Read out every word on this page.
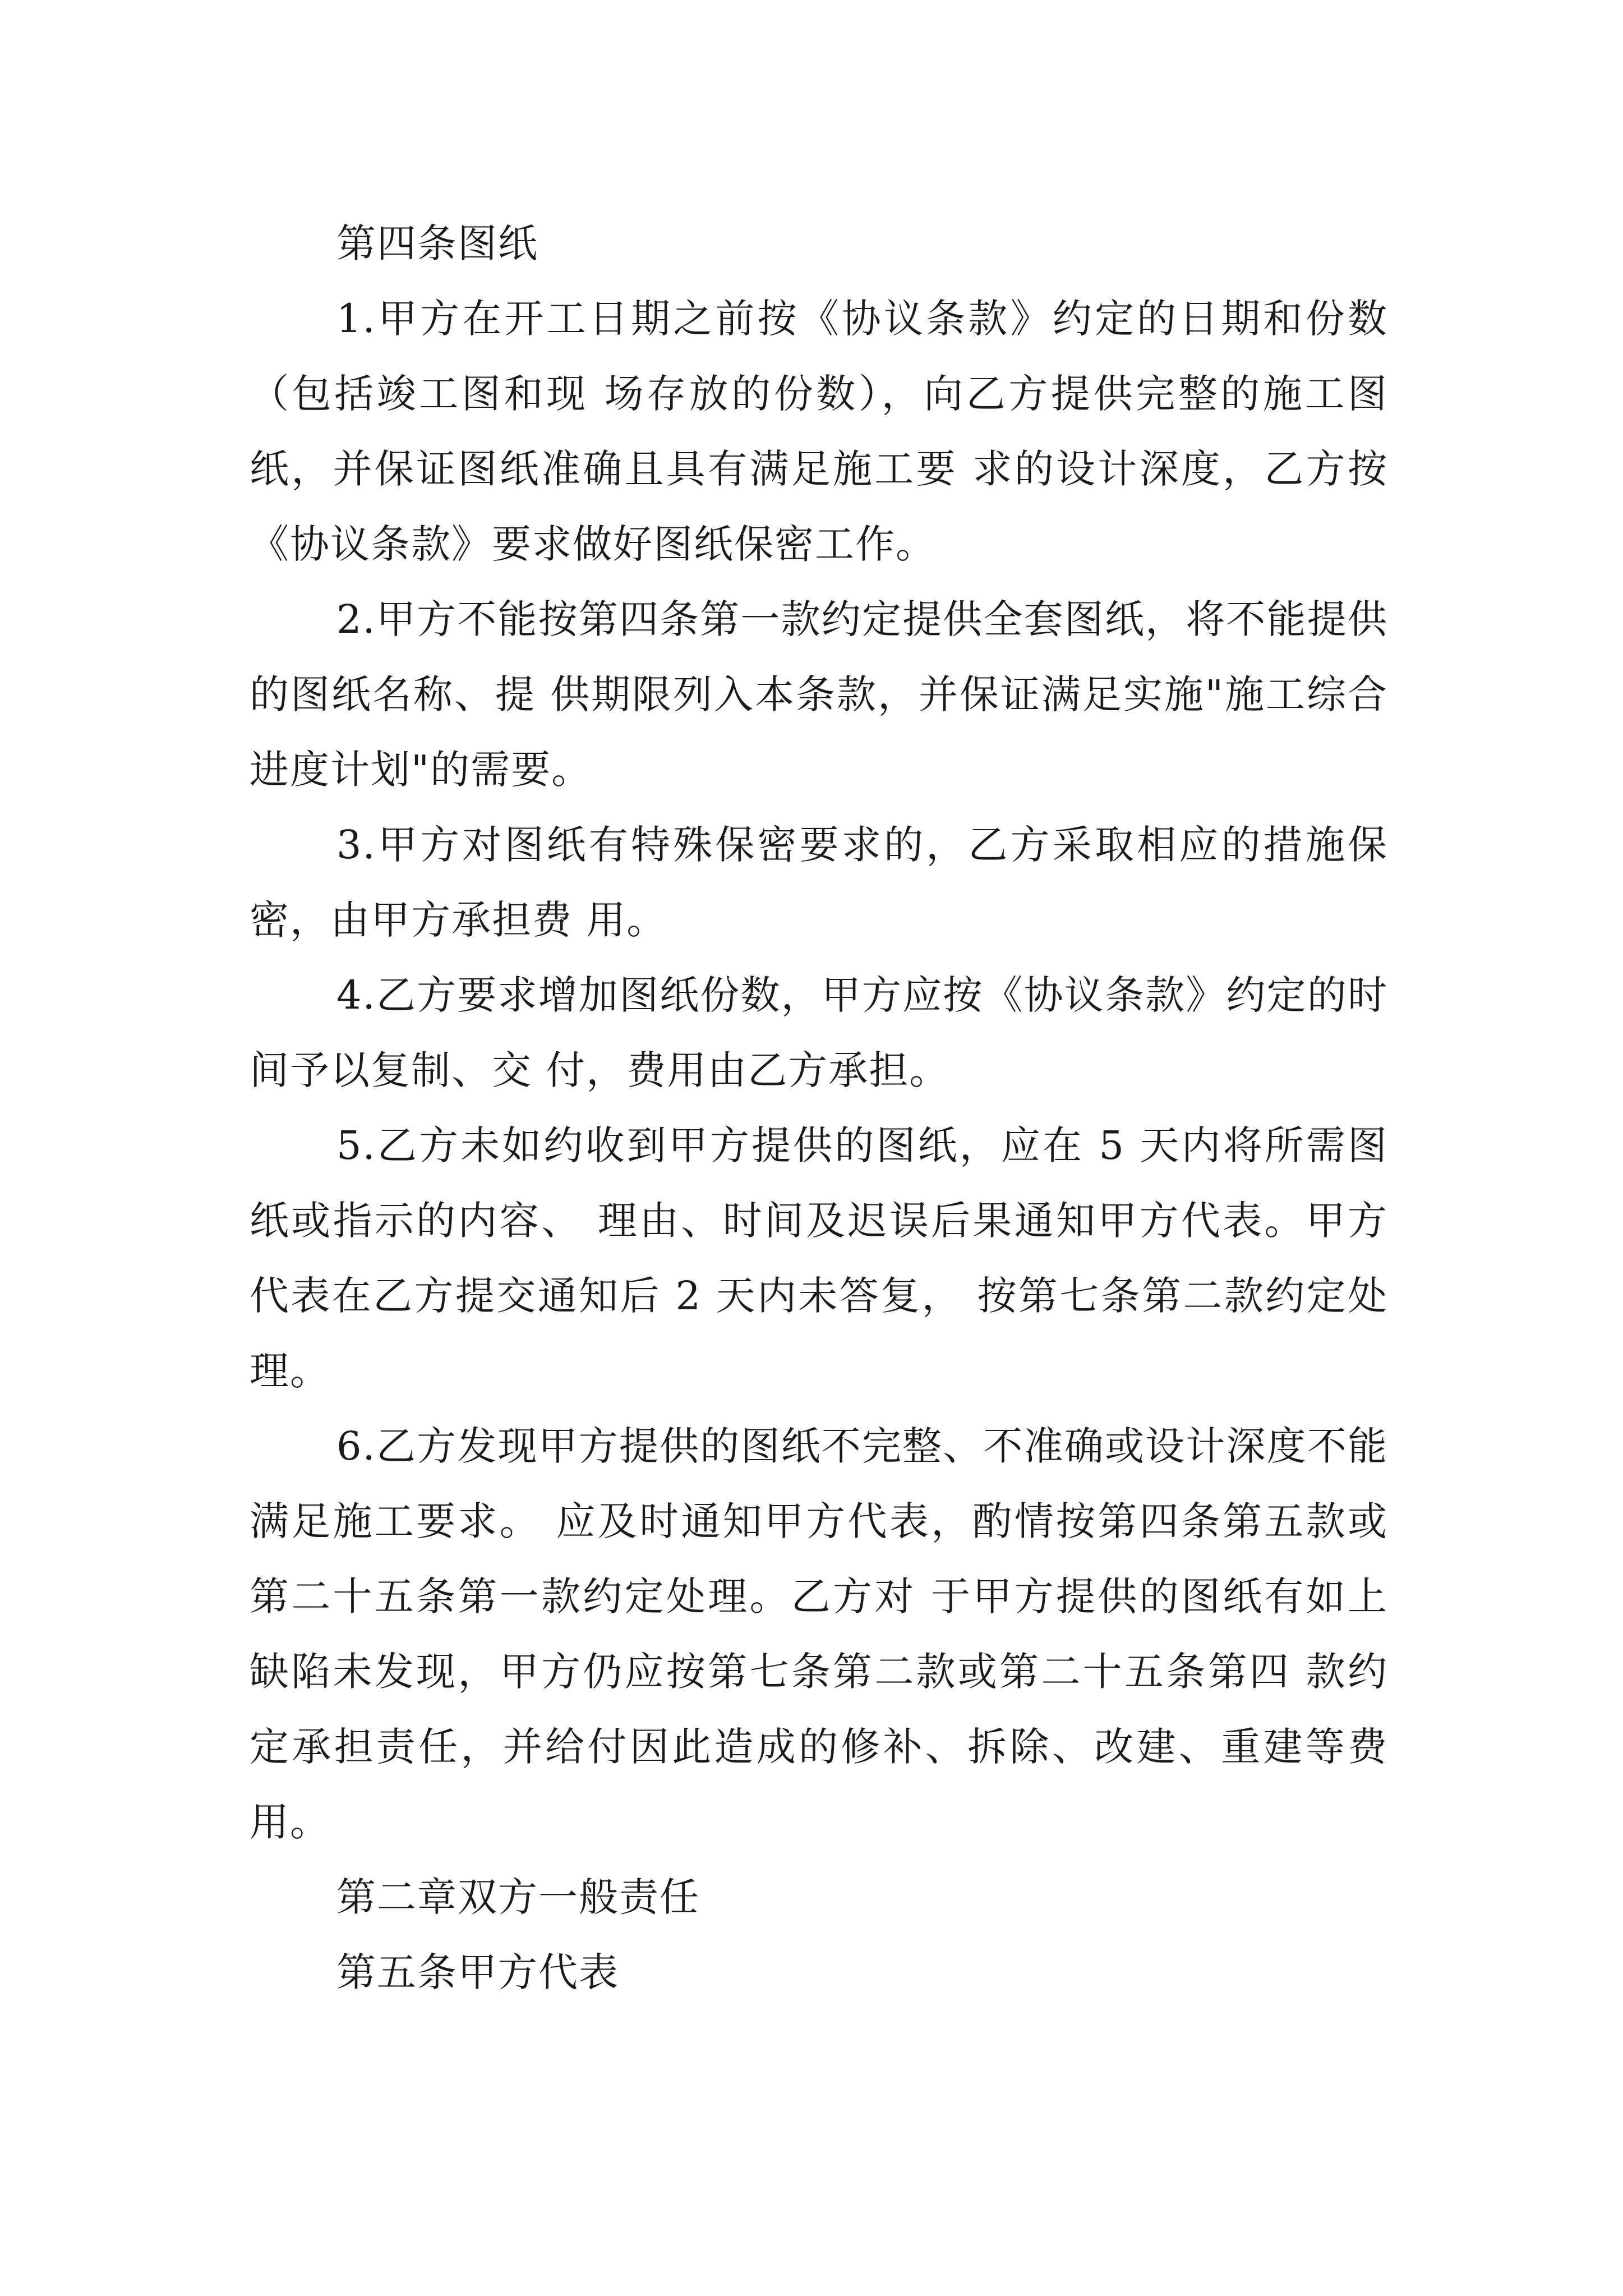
第四条图纸

1.甲方在开工日期之前按《协议条款》约定的日期和份数（包括竣工图和现 场存放的份数），向乙方提供完整的施工图纸，并保证图纸准确且具有满足施工要 求的设计深度，乙方按《协议条款》要求做好图纸保密工作。

2.甲方不能按第四条第一款约定提供全套图纸，将不能提供的图纸名称、提 供期限列入本条款，并保证满足实施"施工综合进度计划"的需要。

3.甲方对图纸有特殊保密要求的，乙方采取相应的措施保密，由甲方承担费 用。

4.乙方要求增加图纸份数，甲方应按《协议条款》约定的时间予以复制、交 付，费用由乙方承担。

5.乙方未如约收到甲方提供的图纸，应在 5 天内将所需图纸或指示的内容、 理由、时间及迟误后果通知甲方代表。甲方代表在乙方提交通知后 2 天内未答复， 按第七条第二款约定处理。

6.乙方发现甲方提供的图纸不完整、不准确或设计深度不能满足施工要求。 应及时通知甲方代表，酌情按第四条第五款或第二十五条第一款约定处理。乙方对 于甲方提供的图纸有如上缺陷未发现，甲方仍应按第七条第二款或第二十五条第四 款约定承担责任，并给付因此造成的修补、拆除、改建、重建等费用。

第二章双方一般责任

第五条甲方代表
